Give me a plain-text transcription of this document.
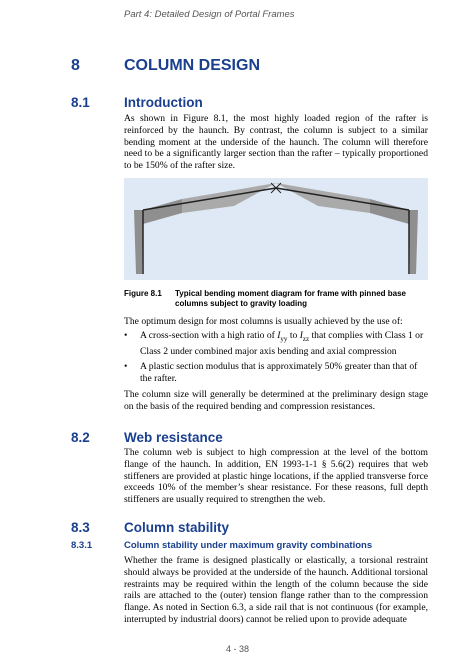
Part 4: Detailed Design of Portal Frames
8	COLUMN DESIGN
8.1	Introduction
As shown in Figure 8.1, the most highly loaded region of the rafter is reinforced by the haunch. By contrast, the column is subject to a similar bending moment at the underside of the haunch. The column will therefore need to be a significantly larger section than the rafter – typically proportioned to be 150% of the rafter size.
Figure 8.1 Typical bending moment diagram for frame with pinned base columns subject to gravity loading
The optimum design for most columns is usually achieved by the use of:
• A cross-section with a high ratio of $I_{yy}$ to $I_{zz}$ that complies with Class 1 or Class 2 under combined major axis bending and axial compression
• A plastic section modulus that is approximately 50% greater than that of the rafter.
The column size will generally be determined at the preliminary design stage on the basis of the required bending and compression resistances.
8.2	Web resistance
The column web is subject to high compression at the level of the bottom flange of the haunch. In addition, EN 1993-1-1 § 5.6(2) requires that web stiffeners are provided at plastic hinge locations, if the applied transverse force exceeds 10% of the member’s shear resistance. For these reasons, full depth stiffeners are usually required to strengthen the web.
8.3	Column stability
8.3.1	Column stability under maximum gravity combinations
Whether the frame is designed plastically or elastically, a torsional restraint should always be provided at the underside of the haunch. Additional torsional restraints may be required within the length of the column because the side rails are attached to the (outer) tension flange rather than to the compression flange. As noted in Section 6.3, a side rail that is not continuous (for example, interrupted by industrial doors) cannot be relied upon to provide adequate
4 - 38
